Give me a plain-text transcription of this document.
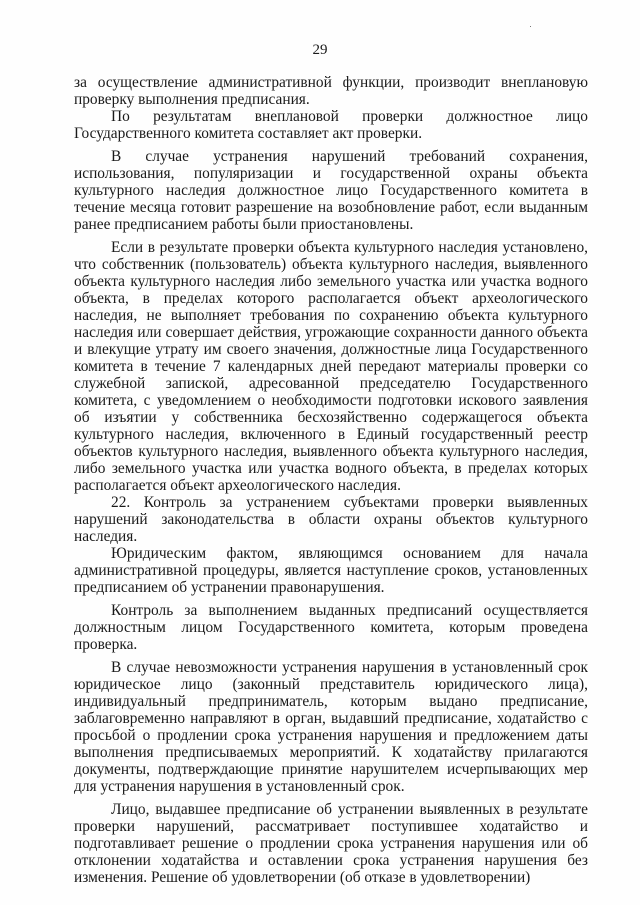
29

за осуществление административной функции, производит внеплановую проверку выполнения предписания.

По результатам внеплановой проверки должностное лицо Государственного комитета составляет акт проверки.

В случае устранения нарушений требований сохранения, использования, популяризации и государственной охраны объекта культурного наследия должностное лицо Государственного комитета в течение месяца готовит разрешение на возобновление работ, если выданным ранее предписанием работы были приостановлены.

Если в результате проверки объекта культурного наследия установлено, что собственник (пользователь) объекта культурного наследия, выявленного объекта культурного наследия либо земельного участка или участка водного объекта, в пределах которого располагается объект археологического наследия, не выполняет требования по сохранению объекта культурного наследия или совершает действия, угрожающие сохранности данного объекта и влекущие утрату им своего значения, должностные лица Государственного комитета в течение 7 календарных дней передают материалы проверки со служебной запиской, адресованной председателю Государственного комитета, с уведомлением о необходимости подготовки искового заявления об изъятии у собственника бесхозяйственно содержащегося объекта культурного наследия, включенного в Единый государственный реестр объектов культурного наследия, выявленного объекта культурного наследия, либо земельного участка или участка водного объекта, в пределах которых располагается объект археологического наследия.

22. Контроль за устранением субъектами проверки выявленных нарушений законодательства в области охраны объектов культурного наследия.

Юридическим фактом, являющимся основанием для начала административной процедуры, является наступление сроков, установленных предписанием об устранении правонарушения.

Контроль за выполнением выданных предписаний осуществляется должностным лицом Государственного комитета, которым проведена проверка.

В случае невозможности устранения нарушения в установленный срок юридическое лицо (законный представитель юридического лица), индивидуальный предприниматель, которым выдано предписание, заблаговременно направляют в орган, выдавший предписание, ходатайство с просьбой о продлении срока устранения нарушения и предложением даты выполнения предписываемых мероприятий. К ходатайству прилагаются документы, подтверждающие принятие нарушителем исчерпывающих мер для устранения нарушения в установленный срок.

Лицо, выдавшее предписание об устранении выявленных в результате проверки нарушений, рассматривает поступившее ходатайство и подготавливает решение о продлении срока устранения нарушения или об отклонении ходатайства и оставлении срока устранения нарушения без изменения. Решение об удовлетворении (об отказе в удовлетворении)
